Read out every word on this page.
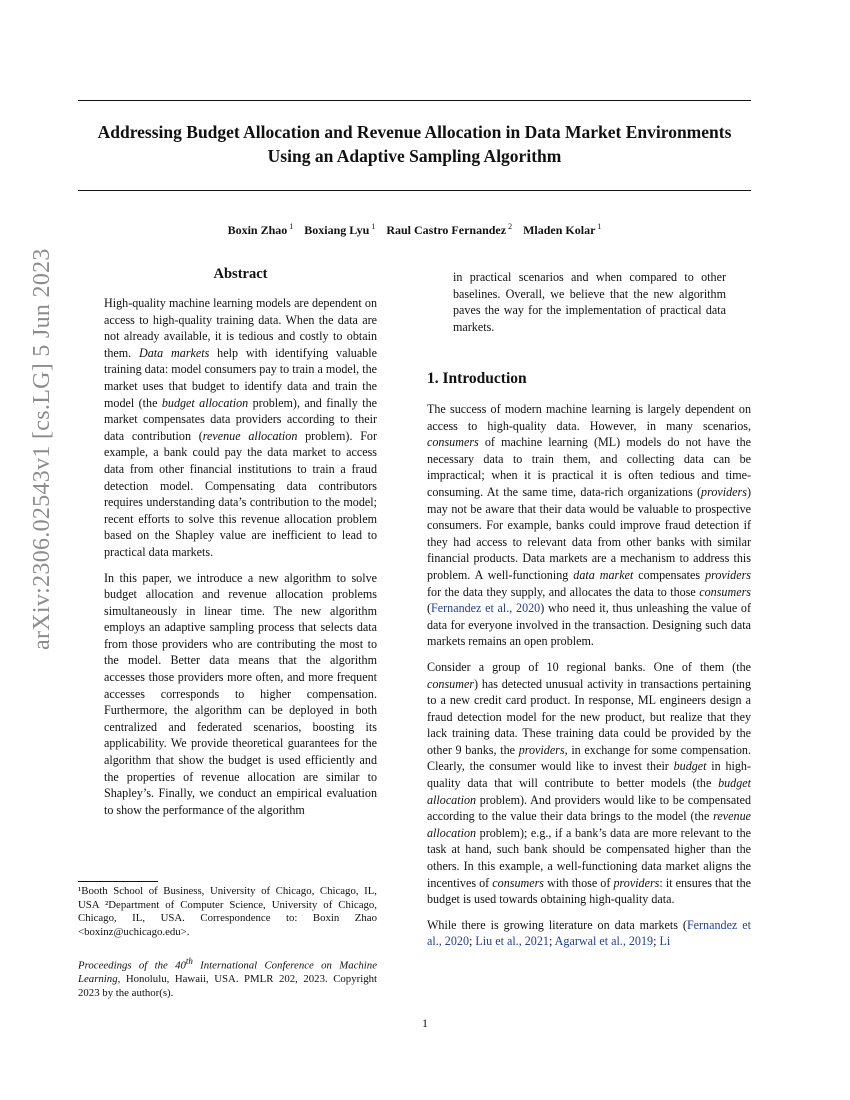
arXiv:2306.02543v1 [cs.LG] 5 Jun 2023
Addressing Budget Allocation and Revenue Allocation in Data Market Environments Using an Adaptive Sampling Algorithm
Boxin Zhao $^1$ Boxiang Lyu $^1$ Raul Castro Fernandez $^2$ Mladen Kolar $^1$
Abstract

High-quality machine learning models are dependent on access to high-quality training data. When the data are not already available, it is tedious and costly to obtain them. Data markets help with identifying valuable training data: model consumers pay to train a model, the market uses that budget to identify data and train the model (the budget allocation problem), and finally the market compensates data providers according to their data contribution (revenue allocation problem). For example, a bank could pay the data market to access data from other financial institutions to train a fraud detection model. Compensating data contributors requires understanding data’s contribution to the model; recent efforts to solve this revenue allocation problem based on the Shapley value are inefficient to lead to practical data markets.

In this paper, we introduce a new algorithm to solve budget allocation and revenue allocation problems simultaneously in linear time. The new algorithm employs an adaptive sampling process that selects data from those providers who are contributing the most to the model. Better data means that the algorithm accesses those providers more often, and more frequent accesses corresponds to higher compensation. Furthermore, the algorithm can be deployed in both centralized and federated scenarios, boosting its applicability. We provide theoretical guarantees for the algorithm that show the budget is used efficiently and the properties of revenue allocation are similar to Shapley’s. Finally, we conduct an empirical evaluation to show the performance of the algorithm

¹Booth School of Business, University of Chicago, Chicago, IL, USA ²Department of Computer Science, University of Chicago, Chicago, IL, USA. Correspondence to: Boxin Zhao <boxinz@uchicago.edu>.
Proceedings of the 40th International Conference on Machine Learning, Honolulu, Hawaii, USA. PMLR 202, 2023. Copyright 2023 by the author(s).
in practical scenarios and when compared to other baselines. Overall, we believe that the new algorithm paves the way for the implementation of practical data markets.
1. Introduction

The success of modern machine learning is largely dependent on access to high-quality data. However, in many scenarios, consumers of machine learning (ML) models do not have the necessary data to train them, and collecting data can be impractical; when it is practical it is often tedious and time-consuming. At the same time, data-rich organizations (providers) may not be aware that their data would be valuable to prospective consumers. For example, banks could improve fraud detection if they had access to relevant data from other banks with similar financial products. Data markets are a mechanism to address this problem. A well-functioning data market compensates providers for the data they supply, and allocates the data to those consumers (Fernandez et al., 2020) who need it, thus unleashing the value of data for everyone involved in the transaction. Designing such data markets remains an open problem.

Consider a group of 10 regional banks. One of them (the consumer) has detected unusual activity in transactions pertaining to a new credit card product. In response, ML engineers design a fraud detection model for the new product, but realize that they lack training data. These training data could be provided by the other 9 banks, the providers, in exchange for some compensation. Clearly, the consumer would like to invest their budget in high-quality data that will contribute to better models (the budget allocation problem). And providers would like to be compensated according to the value their data brings to the model (the revenue allocation problem); e.g., if a bank’s data are more relevant to the task at hand, such bank should be compensated higher than the others. In this example, a well-functioning data market aligns the incentives of consumers with those of providers: it ensures that the budget is used towards obtaining high-quality data.

While there is growing literature on data markets (Fernandez et al., 2020; Liu et al., 2021; Agarwal et al., 2019; Li

1
